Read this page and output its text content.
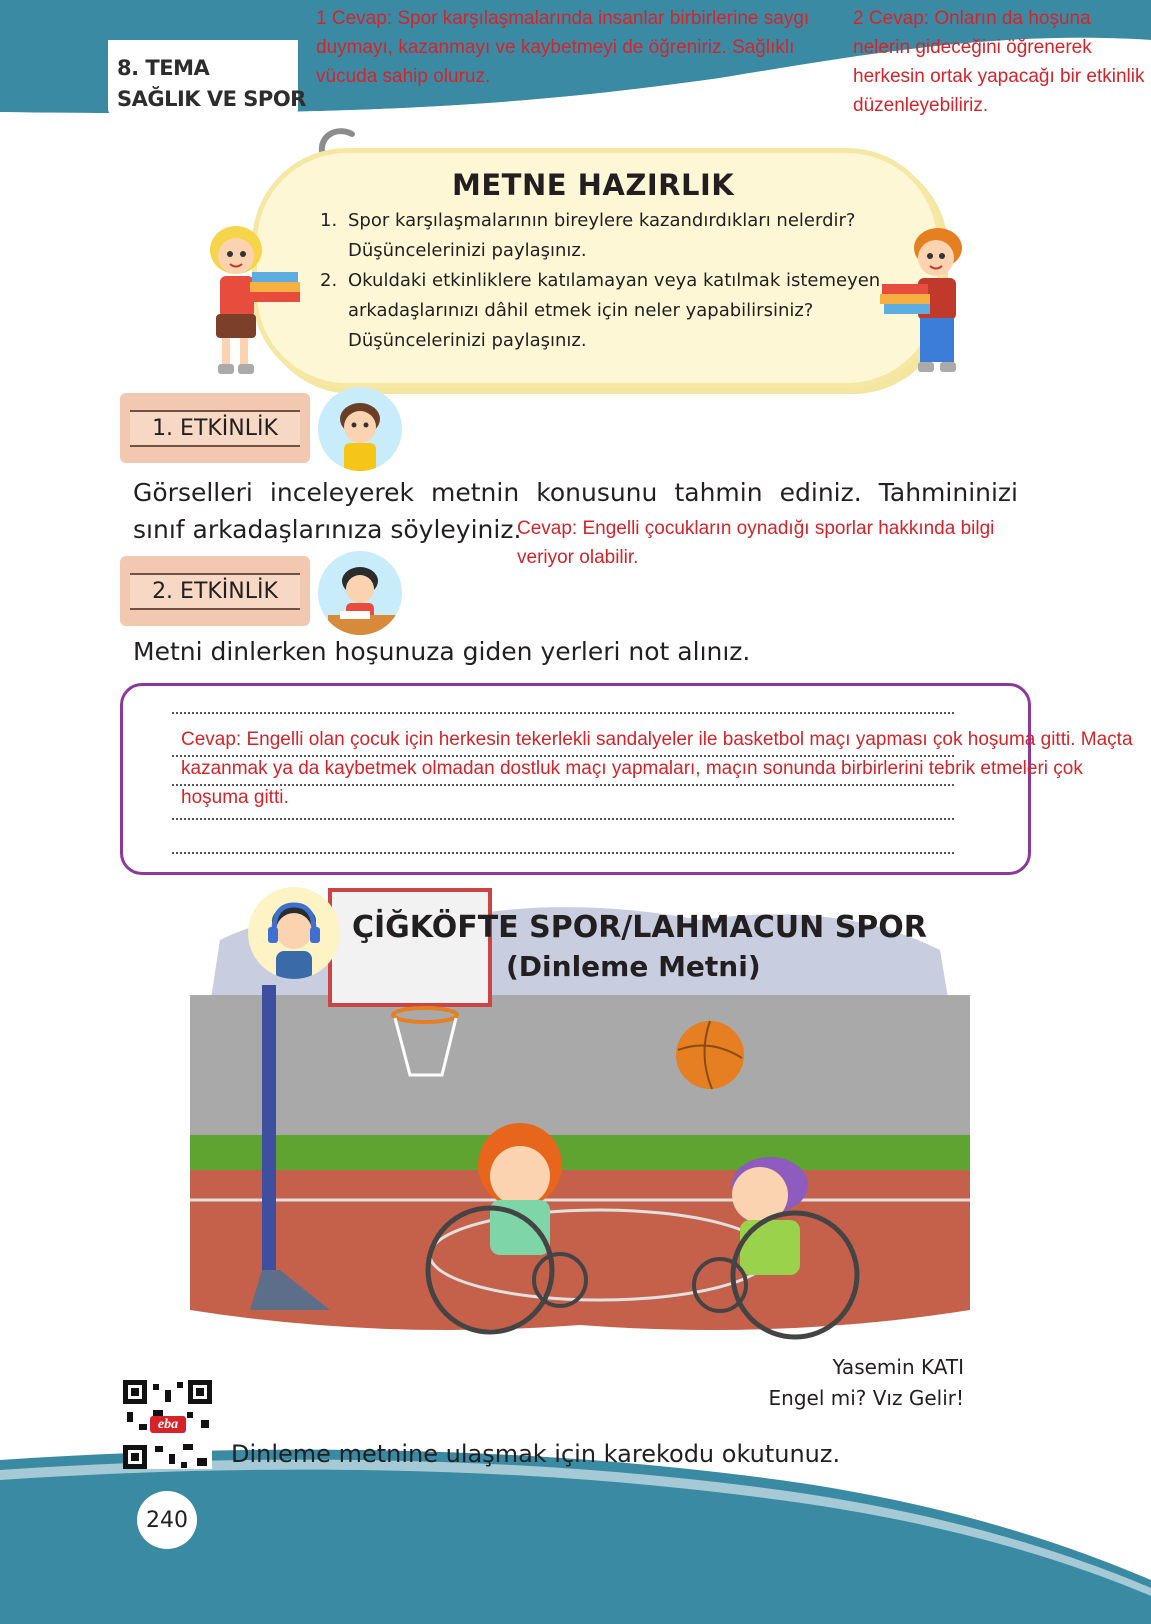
8. TEMA
SAĞLIK VE SPOR
1 Cevap: Spor karşılaşmalarında insanlar birbirlerine saygı duymayı, kazanmayı ve kaybetmeyi de öğreniriz. Sağlıklı vücuda sahip oluruz.
2 Cevap: Onların da hoşuna nelerin gideceğini öğrenerek herkesin ortak yapacağı bir etkinlik düzenleyebiliriz.
METNE HAZIRLIK
1. Spor karşılaşmalarının bireylere kazandırdıkları nelerdir? Düşüncelerinizi paylaşınız.
2. Okuldaki etkinliklere katılamayan veya katılmak istemeyen arkadaşlarınızı dâhil etmek için neler yapabilirsiniz? Düşüncelerinizi paylaşınız.
1. ETKİNLİK
Görselleri inceleyerek metnin konusunu tahmin ediniz. Tahmininizi sınıf arkadaşlarınıza söyleyiniz.
Cevap: Engelli çocukların oynadığı sporlar hakkında bilgi veriyor olabilir.
2. ETKİNLİK
Metni dinlerken hoşunuza giden yerleri not alınız.
Cevap: Engelli olan çocuk için herkesin tekerlekli sandalyeler ile basketbol maçı yapması çok hoşuma gitti. Maçta kazanmak ya da kaybetmek olmadan dostluk maçı yapmaları, maçın sonunda birbirlerini tebrik etmeleri çok hoşuma gitti.
ÇİĞKÖFTE SPOR/LAHMACUN SPOR
(Dinleme Metni)
Yasemin KATI
Engel mi? Vız Gelir!
eba
Dinleme metnine ulaşmak için karekodu okutunuz.
240
